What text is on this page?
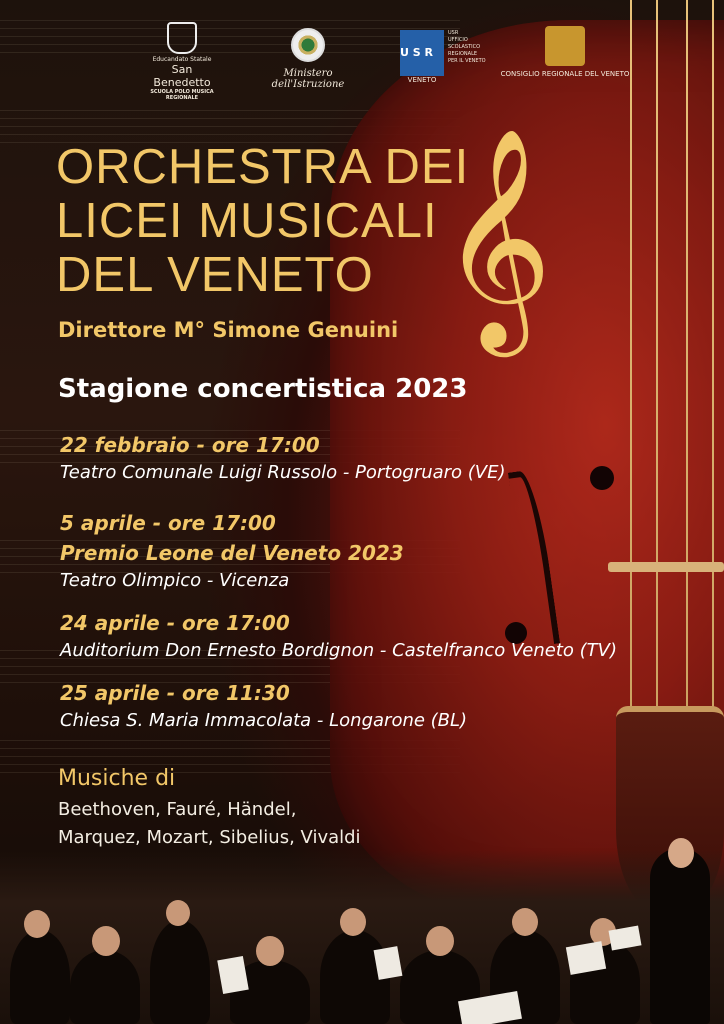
Educandato Statale
San Benedetto
SCUOLA POLO MUSICA
REGIONALE
Ministero dell'Istruzione
U S R
USR
UFFICIO SCOLASTICO
REGIONALE
PER IL VENETO
VENETO
CONSIGLIO REGIONALE DEL VENETO
ORCHESTRA DEI
LICEI MUSICALI
DEL VENETO 𝄞

Direttore M° Simone Genuini

Stagione concertistica 2023

22 febbraio - ore 17:00
Teatro Comunale Luigi Russolo - Portogruaro (VE)
5 aprile - ore 17:00
Premio Leone del Veneto 2023
Teatro Olimpico - Vicenza
24 aprile - ore 17:00
Auditorium Don Ernesto Bordignon - Castelfranco Veneto (TV)
25 aprile - ore 11:30
Chiesa S. Maria Immacolata - Longarone (BL)

Musiche di

Beethoven, Fauré, Händel,
Marquez, Mozart, Sibelius, Vivaldi
